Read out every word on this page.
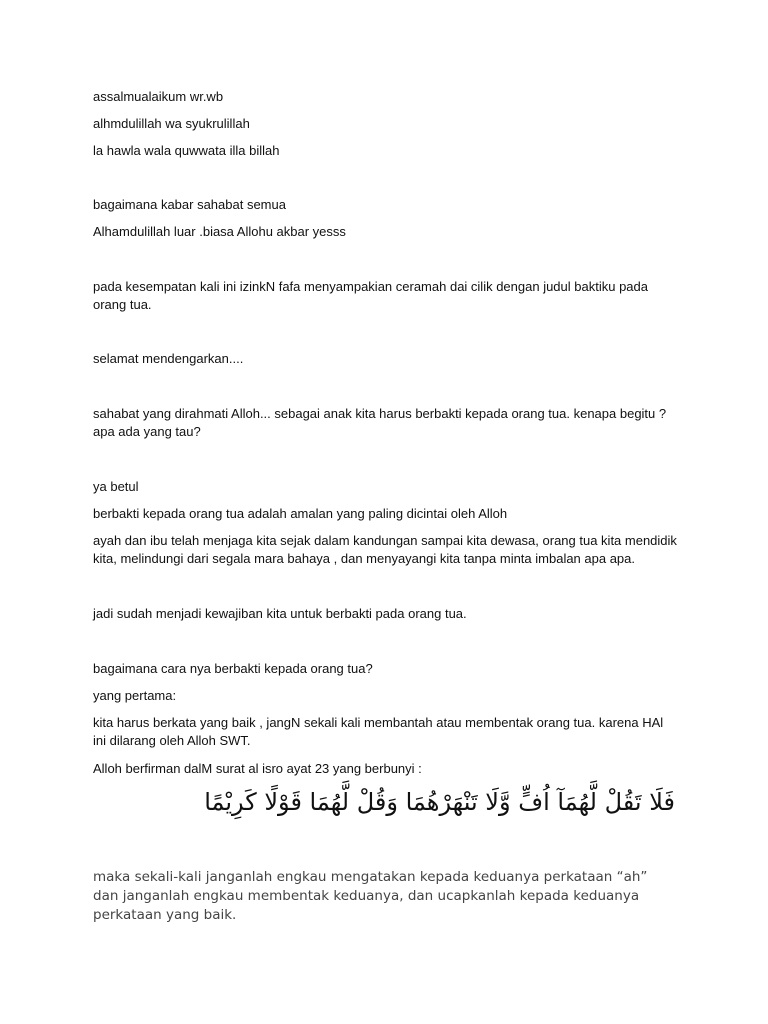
assalmualaikum wr.wb

alhmdulillah wa syukrulillah

la hawla wala quwwata illa billah

bagaimana kabar sahabat semua

Alhamdulillah luar .biasa Allohu akbar yesss

pada kesempatan kali ini izinkN fafa menyampakian ceramah dai cilik dengan judul baktiku pada orang tua.

selamat mendengarkan....

sahabat yang dirahmati Alloh... sebagai anak kita harus berbakti kepada orang tua. kenapa begitu ? apa ada yang tau?

ya betul

berbakti kepada orang tua adalah amalan yang paling dicintai oleh Alloh

ayah dan ibu telah menjaga kita sejak dalam kandungan sampai kita dewasa, orang tua kita mendidik kita, melindungi dari segala mara bahaya , dan menyayangi kita tanpa minta imbalan apa apa.

jadi sudah menjadi kewajiban kita untuk berbakti pada orang tua.

bagaimana cara nya berbakti kepada orang tua?

yang pertama:

kita harus berkata yang baik , jangN sekali kali membantah atau membentak orang tua. karena HAl ini dilarang oleh Alloh SWT.

Alloh berfirman dalM surat al isro ayat 23 yang berbunyi :

فَلَا تَقُلْ لَّهُمَآ اُفٍّ وَّلَا تَنْهَرْهُمَا وَقُلْ لَّهُمَا قَوْلًا كَرِيْمًا

maka sekali-kali janganlah engkau mengatakan kepada keduanya perkataan “ah” dan janganlah engkau membentak keduanya, dan ucapkanlah kepada keduanya perkataan yang baik.
